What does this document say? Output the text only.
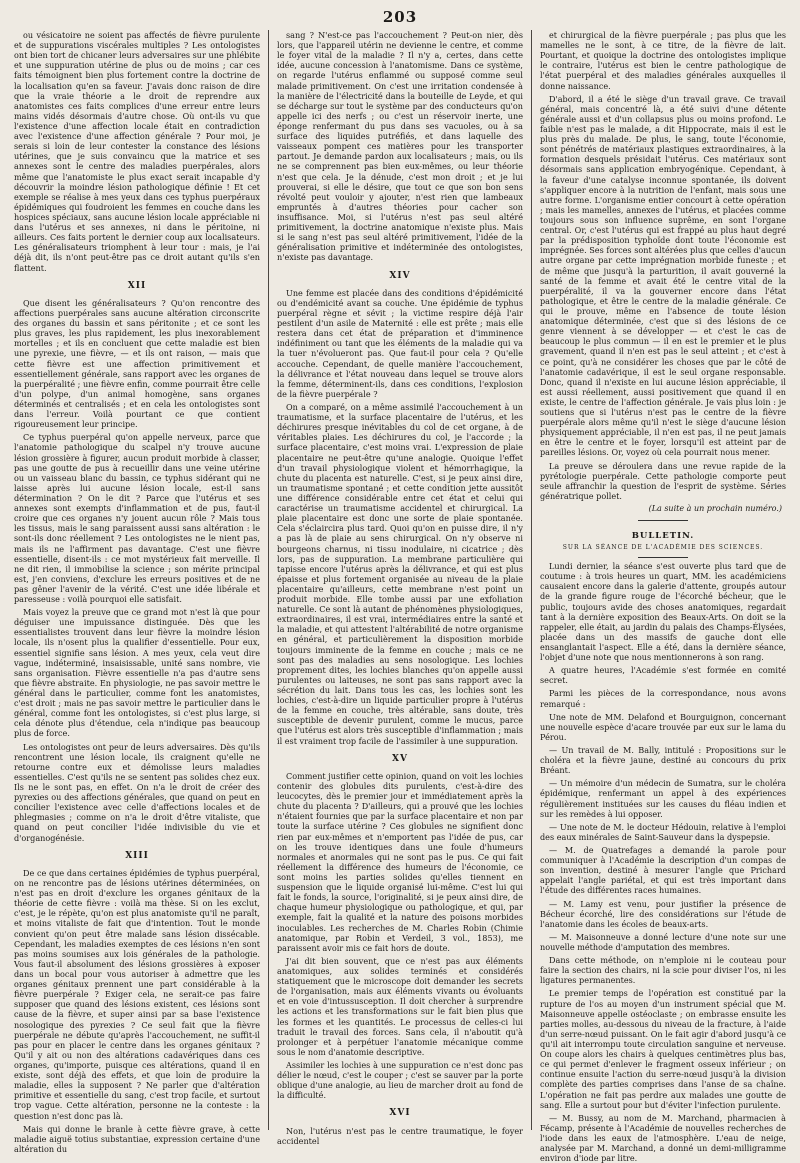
203

ou vésicatoire ne soient pas affectés de fièvre purulente et de suppurations viscérales multiples ? Les ontologistes ont bien tort de chicaner leurs adversaires sur une phlébite et une suppuration utérine de plus ou de moins ; car ces faits témoignent bien plus fortement contre la doctrine de la localisation qu'en sa faveur. J'avais donc raison de dire que la vraie théorie a le droit de reprendre aux anatomistes ces faits complices d'une erreur entre leurs mains vidés désormais d'autre chose. Où ont-ils vu que l'existence d'une affection locale était en contradiction avec l'existence d'une affection générale ? Pour moi, je serais si loin de leur contester la constance des lésions utérines, que je suis convaincu que la matrice et ses annexes sont le centre des maladies puerpérales, alors même que l'anatomiste le plus exact serait incapable d'y découvrir la moindre lésion pathologique définie ! Et cet exemple se réalise à mes yeux dans ces typhus puerpéraux épidémiques qui foudroient les femmes en couche dans les hospices spéciaux, sans aucune lésion locale appréciable ni dans l'utérus et ses annexes, ni dans le péritoine, ni ailleurs. Ces faits portent le dernier coup aux localisateurs. Les généralisateurs triomphent à leur tour : mais, je l'ai déjà dit, ils n'ont peut-être pas ce droit autant qu'ils s'en flattent.

XII

Que disent les généralisateurs ? Qu'on rencontre des affections puerpérales sans aucune altération circonscrite des organes du bassin et sans péritonite ; et ce sont les plus graves, les plus rapidement, les plus inexorablement mortelles ; et ils en concluent que cette maladie est bien une pyrexie, une fièvre, — et ils ont raison, — mais que cette fièvre est une affection primitivement et essentiellement générale, sans rapport avec les organes de la puerpéralité ; une fièvre enfin, comme pourrait être celle d'un polype, d'un animal homogène, sans organes déterminés et centralisés ; et en cela les ontologistes sont dans l'erreur. Voilà pourtant ce que contient rigoureusement leur principe.

Ce typhus puerpéral qu'on appelle nerveux, parce que l'anatomie pathologique du scalpel n'y trouve aucune lésion grossière à figurer, aucun produit morbide à classer, pas une goutte de pus à recueillir dans une veine utérine ou un vaisseau blanc du bassin, ce typhus sidérant qui ne laisse après lui aucune lésion locale, est-il sans détermination ? On le dit ? Parce que l'utérus et ses annexes sont exempts d'inflammation et de pus, faut-il croire que ces organes n'y jouent aucun rôle ? Mais tous les tissus, mais le sang paraissent aussi sans altération : le sont-ils donc réellement ? Les ontologistes ne le nient pas, mais ils ne l'affirment pas davantage. C'est une fièvre essentielle, disent-ils : ce mot mystérieux fait merveille. Il ne dit rien, il immobilise la science ; son mérite principal est, j'en conviens, d'exclure les erreurs positives et de ne pas gêner l'avenir de la vérité. C'est une idée libérale et paresseuse : voilà pourquoi elle satisfait.

Mais voyez la preuve que ce grand mot n'est là que pour déguiser une impuissance distinguée. Dès que les essentialistes trouvent dans leur fièvre la moindre lésion locale, ils n'osent plus la qualifier d'essentielle. Pour eux, essentiel signifie sans lésion. A mes yeux, cela veut dire vague, indéterminé, insaisissable, unité sans nombre, vie sans organisation. Fièvre essentielle n'a pas d'autre sens que fièvre abstraite. En physiologie, ne pas savoir mettre le général dans le particulier, comme font les anatomistes, c'est droit ; mais ne pas savoir mettre le particulier dans le général, comme font les ontologistes, si c'est plus large, si cela dénote plus d'étendue, cela n'indique pas beaucoup plus de force.

Les ontologistes ont peur de leurs adversaires. Dès qu'ils rencontrent une lésion locale, ils craignent qu'elle ne retourne contre eux et démolisse leurs maladies essentielles. C'est qu'ils ne se sentent pas solides chez eux. Ils ne le sont pas, en effet. On n'a le droit de créer des pyrexies ou des affections générales, que quand on peut en concilier l'existence avec celle d'affections locales et de phlegmasies ; comme on n'a le droit d'être vitaliste, que quand on peut concilier l'idée indivisible du vie et d'organogénésie.

XIII

De ce que dans certaines épidémies de typhus puerpéral, on ne rencontre pas de lésions utérines déterminées, on n'est pas en droit d'exclure les organes génitaux de la théorie de cette fièvre : voilà ma thèse. Si on les exclut, c'est, je le répète, qu'on est plus anatomiste qu'il ne paraît, et moins vitaliste de fait que d'intention. Tout le monde convient qu'on peut être malade sans lésion dissécable. Cependant, les maladies exemptes de ces lésions n'en sont pas moins soumises aux lois générales de la pathologie. Vous faut-il absolument des lésions grossières à exposer dans un bocal pour vous autoriser à admettre que les organes génitaux prennent une part considérable à la fièvre puerpérale ? Exiger cela, ne serait-ce pas faire supposer que quand des lésions existent, ces lésions sont cause de la fièvre, et super ainsi par sa base l'existence nosologique des pyrexies ? Ce seul fait que la fièvre puerpérale ne débute qu'après l'accouchement, ne suffit-il pas pour en placer le centre dans les organes génitaux ? Qu'il y ait ou non des altérations cadavériques dans ces organes, qu'importe, puisque ces altérations, quand il en existe, sont déjà des effets, et que loin de produire la maladie, elles la supposent ? Ne parler que d'altération primitive et essentielle du sang, c'est trop facile, et surtout trop vague. Cette altération, personne ne la conteste : la question n'est donc pas là.

Mais qui donne le branle à cette fièvre grave, à cette maladie aiguë totius substantiae, expression certaine d'une altération du

sang ? N'est-ce pas l'accouchement ? Peut-on nier, dès lors, que l'appareil utérin ne devienne le centre, et comme le foyer vital de la maladie ? Il n'y a, certes, dans cette idée, aucune concession à l'anatomisme. Dans ce système, on regarde l'utérus enflammé ou supposé comme seul malade primitivement. On c'est une irritation condensée à la manière de l'électricité dans la bouteille de Leyde, et qui se décharge sur tout le système par des conducteurs qu'on appelle ici des nerfs ; ou c'est un réservoir inerte, une éponge renfermant du pus dans ses vacuoles, ou à sa surface des liquides putréfiés, et dans laquelle des vaisseaux pompent ces matières pour les transporter partout. Je demande pardon aux localisateurs ; mais, ou ils ne se comprennent pas bien eux-mêmes, ou leur théorie n'est que cela. Je la dénude, c'est mon droit ; et je lui prouverai, si elle le désire, que tout ce que son bon sens révolté peut vouloir y ajouter, n'est rien que lambeaux empruntés à d'autres théories pour cacher son insuffisance. Moi, si l'utérus n'est pas seul altéré primitivement, la doctrine anatomique n'existe plus. Mais si le sang n'est pas seul altéré primitivement, l'idée de la généralisation primitive et indéterminée des ontologistes, n'existe pas davantage.

XIV

Une femme est placée dans des conditions d'épidémicité ou d'endémicité avant sa couche. Une épidémie de typhus puerpéral règne et sévit ; la victime respire déjà l'air pestilent d'un asile de Maternité : elle est prête ; mais elle restera dans cet état de préparation et d'imminence indéfiniment ou tant que les éléments de la maladie qui va la tuer n'évolueront pas. Que faut-il pour cela ? Qu'elle accouche. Cependant, de quelle manière l'accouchement, la délivrance et l'état nouveau dans lequel se trouve alors la femme, déterminent-ils, dans ces conditions, l'explosion de la fièvre puerpérale ?

On a comparé, on a même assimilé l'accouchement à un traumatisme, et la surface placentaire de l'utérus, et les déchirures presque inévitables du col de cet organe, à de véritables plaies. Les déchirures du col, je l'accorde ; la surface placentaire, c'est moins vrai. L'expression de plaie placentaire ne peut-être qu'une analogie. Quoique l'effet d'un travail physiologique violent et hémorrhagique, la chute du placenta est naturelle. C'est, si je peux ainsi dire, un traumatisme spontané ; et cette condition jette aussitôt une différence considérable entre cet état et celui qui caractérise un traumatisme accidentel et chirurgical. La plaie placentaire est donc une sorte de plaie spontanée. Cela s'éclaircira plus tard. Quoi qu'on en puisse dire, il n'y a pas là de plaie au sens chirurgical. On n'y observe ni bourgeons charnus, ni tissu inodulaire, ni cicatrice ; dès lors, pas de suppuration. La membrane particulière qui tapisse encore l'utérus après la délivrance, et qui est plus épaisse et plus fortement organisée au niveau de la plaie placentaire qu'ailleurs, cette membrane n'est point un produit morbide. Elle tombe aussi par une exfoliation naturelle. Ce sont là autant de phénomènes physiologiques, extraordinaires, il est vrai, intermédiaires entre la santé et la maladie, et qui attestent l'altérabilité de notre organisme en général, et particulièrement la disposition morbide toujours imminente de la femme en couche ; mais ce ne sont pas des maladies au sens nosologique. Les lochies proprement dites, les lochies blanches qu'on appelle aussi purulentes ou laiteuses, ne sont pas sans rapport avec la sécrétion du lait. Dans tous les cas, les lochies sont les lochies, c'est-à-dire un liquide particulier propre à l'utérus de la femme en couche, très altérable, sans doute, très susceptible de devenir purulent, comme le mucus, parce que l'utérus est alors très susceptible d'inflammation ; mais il est vraiment trop facile de l'assimiler à une suppuration.

XV

Comment justifier cette opinion, quand on voit les lochies contenir des globules dits purulents, c'est-à-dire des leucocytes, dès le premier jour et immédiatement après la chute du placenta ? D'ailleurs, qui a prouvé que les lochies n'étaient fournies que par la surface placentaire et non par toute la surface utérine ? Ces globules ne signifient donc rien par eux-mêmes et n'emportent pas l'idée de pus, car on les trouve identiques dans une foule d'humeurs normales et anormales qui ne sont pas le pus. Ce qui fait réellement la différence des humeurs de l'économie, ce sont moins les parties solides qu'elles tiennent en suspension que le liquide organisé lui-même. C'est lui qui fait le fonds, la source, l'originalité, si je peux ainsi dire, de chaque humeur physiologique ou pathologique, et qui, par exemple, fait la qualité et la nature des poisons morbides inoculables. Les recherches de M. Charles Robin (Chimie anatomique, par Robin et Verdeil, 3 vol., 1853), me paraissent avoir mis ce fait hors de doute.

J'ai dit bien souvent, que ce n'est pas aux éléments anatomiques, aux solides terminés et considérés statiquement que le microscope doit demander les secrets de l'organisation, mais aux éléments vivants ou évoluants et en voie d'intussusception. Il doit chercher à surprendre les actions et les transformations sur le fait bien plus que les formes et les quantités. Le processus de celles-ci lui traduit le travail des forces. Sans cela, il n'aboutit qu'à prolonger et à perpétuer l'anatomie mécanique comme sous le nom d'anatomie descriptive.

Assimiler les lochies à une suppuration ce n'est donc pas délier le nœud, c'est le couper ; c'est se sauver par la porte oblique d'une analogie, au lieu de marcher droit au fond de la difficulté.

XVI

Non, l'utérus n'est pas le centre traumatique, le foyer accidentel

et chirurgical de la fièvre puerpérale ; pas plus que les mamelles ne le sont, à ce titre, de la fièvre de lait. Pourtant, et quoique la doctrine des ontologistes implique le contraire, l'utérus est bien le centre pathologique de l'état puerpéral et des maladies générales auxquelles il donne naissance.

D'abord, il a été le siège d'un travail grave. Ce travail général, mais concentré là, a été suivi d'une détente générale aussi et d'un collapsus plus ou moins profond. Le faible n'est pas le malade, a dit Hippocrate, mais il est le plus près du malade. De plus, le sang, toute l'économie, sont pénétrés de matériaux plastiques extraordinaires, à la formation desquels présidait l'utérus. Ces matériaux sont désormais sans application embryogénique. Cependant, à la faveur d'une catalyse inconnue spontanée, ils doivent s'appliquer encore à la nutrition de l'enfant, mais sous une autre forme. L'organisme entier concourt à cette opération ; mais les mamelles, annexes de l'utérus, et placées comme toujours sous son influence suprême, en sont l'organe central. Or, c'est l'utérus qui est frappé au plus haut degré par la prédisposition typhoïde dont toute l'économie est imprégnée. Ses forces sont altérées plus que celles d'aucun autre organe par cette imprégnation morbide funeste ; et de même que jusqu'à la parturition, il avait gouverné la santé de la femme et avait été le centre vital de la puerpéralité, il va la gouverner encore dans l'état pathologique, et être le centre de la maladie générale. Ce qui le prouve, même en l'absence de toute lésion anatomique déterminée, c'est que si des lésions de ce genre viennent à se développer — et c'est le cas de beaucoup le plus commun — il en est le premier et le plus gravement, quand il n'en est pas le seul atteint ; et c'est à ce point, qu'à ne considérer les choses que par le côté de l'anatomie cadavérique, il est le seul organe responsable. Donc, quand il n'existe en lui aucune lésion appréciable, il est aussi réellement, aussi positivement que quand il en existe, le centre de l'affection générale. Je vais plus loin : je soutiens que si l'utérus n'est pas le centre de la fièvre puerpérale alors même qu'il n'est le siège d'aucune lésion physiquement appréciable, il n'en est pas, il ne peut jamais en être le centre et le foyer, lorsqu'il est atteint par de pareilles lésions. Or, voyez où cela pourrait nous mener.

La preuve se déroulera dans une revue rapide de la pyrétologie puerpérale. Cette pathologie comporte peut seule affranchir la question de l'esprit de système. Séries génératrique pollet.

(La suite à un prochain numéro.)
BULLETIN.
SUR LA SÉANCE DE L'ACADÉMIE DES SCIENCES.

Lundi dernier, la séance s'est ouverte plus tard que de coutume : à trois heures un quart, MM. les académiciens causaient encore dans la galerie d'attente, groupés autour de la grande figure rouge de l'écorché bécheur, que le public, toujours avide des choses anatomiques, regardait tant à la dernière exposition des Beaux-Arts. On doit se la rappeler, elle était, au jardin du palais des Champs-Élysées, placée dans un des massifs de gauche dont elle ensanglantait l'aspect. Elle a été, dans la dernière séance, l'objet d'une note que nous mentionnerons à son rang.

A quatre heures, l'Académie s'est formée en comité secret.

Parmi les pièces de la correspondance, nous avons remarqué :

Une note de MM. Delafond et Bourguignon, concernant une nouvelle espèce d'acare trouvée par eux sur le lama du Pérou.

— Un travail de M. Bally, intitulé : Propositions sur le choléra et la fièvre jaune, destiné au concours du prix Bréant.

— Un mémoire d'un médecin de Sumatra, sur le choléra épidémique, renfermant un appel à des expériences régulièrement instituées sur les causes du fléau indien et sur les remèdes à lui opposer.

— Une note de M. le docteur Hédouin, relative à l'emploi des eaux minérales de Saint-Sauveur dans la dyspepsie.

— M. de Quatrefages a demandé la parole pour communiquer à l'Académie la description d'un compas de son invention, destiné à mesurer l'angle que Prichard appelait l'angle pariétal, et qui est très important dans l'étude des différentes races humaines.

— M. Lamy est venu, pour justifier la présence de Bécheur écorché, lire des considérations sur l'étude de l'anatomie dans les écoles de beaux-arts.

— M. Maisonneuve a donné lecture d'une note sur une nouvelle méthode d'amputation des membres.

Dans cette méthode, on n'emploie ni le couteau pour faire la section des chairs, ni la scie pour diviser l'os, ni les ligatures permanentes.

Le premier temps de l'opération est constitué par la rupture de l'os au moyen d'un instrument spécial que M. Maisonneuve appelle ostéoclaste ; on embrasse ensuite les parties molles, au-dessous du niveau de la fracture, à l'aide d'un serre-nœud puissant. On le fait agir d'abord jusqu'à ce qu'il ait interrompu toute circulation sanguine et nerveuse. On coupe alors les chairs à quelques centimètres plus bas, ce qui permet d'enlever le fragment osseux inférieur ; on continue ensuite l'action du serre-nœud jusqu'à la division complète des parties comprises dans l'anse de sa chaîne. L'opération ne fait pas perdre aux malades une goutte de sang. Elle a surtout pour but d'éviter l'infection purulente.

— M. Bussy, au nom de M. Marchand, pharmacien à Fécamp, présente à l'Académie de nouvelles recherches de l'iode dans les eaux de l'atmosphère. L'eau de neige, analysée par M. Marchand, a donné un demi-milligramme environ d'iode par litre.
